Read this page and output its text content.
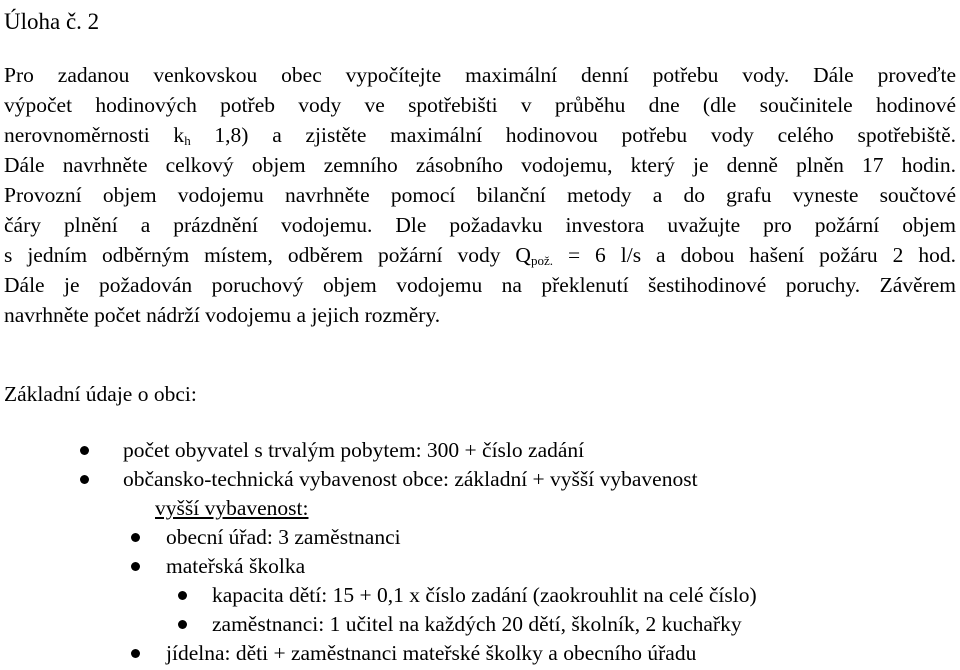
Úloha č. 2
Pro zadanou venkovskou obec vypočítejte maximální denní potřebu vody. Dále proveďte
výpočet hodinových potřeb vody ve spotřebišti v průběhu dne (dle součinitele hodinové
nerovnoměrnosti $k_h$ 1,8) a zjistěte maximální hodinovou potřebu vody celého spotřebiště.
Dále navrhněte celkový objem zemního zásobního vodojemu, který je denně plněn 17 hodin.
Provozní objem vodojemu navrhněte pomocí bilanční metody a do grafu vyneste součtové
čáry plnění a prázdnění vodojemu. Dle požadavku investora uvažujte pro požární objem
s jedním odběrným místem, odběrem požární vody $Q_{pož.} = 6$ l/s a dobou hašení požáru 2 hod.
Dále je požadován poruchový objem vodojemu na překlenutí šestihodinové poruchy. Závěrem
navrhněte počet nádrží vodojemu a jejich rozměry.
Základní údaje o obci:
počet obyvatel s trvalým pobytem: 300 + číslo zadání
občansko-technická vybavenost obce: základní + vyšší vybavenost
vyšší vybavenost:
obecní úřad: 3 zaměstnanci
mateřská školka
kapacita dětí: 15 + 0,1 x číslo zadání (zaokrouhlit na celé číslo)
zaměstnanci: 1 učitel na každých 20 dětí, školník, 2 kuchařky
jídelna: děti + zaměstnanci mateřské školky a obecního úřadu
